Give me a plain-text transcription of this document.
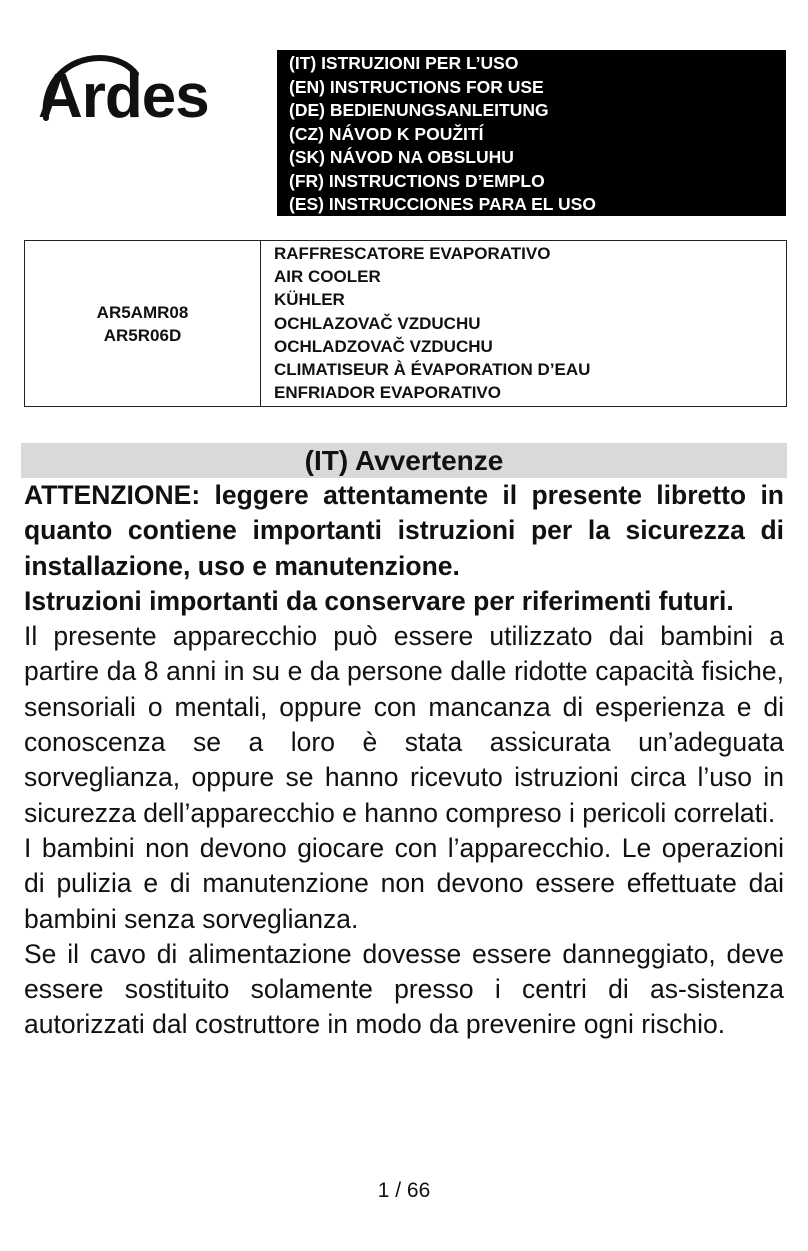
Ardes	(IT) ISTRUZIONI PER L’USO
(EN) INSTRUCTIONS FOR USE
(DE) BEDIENUNGSANLEITUNG
(CZ) NÁVOD K POUŽITÍ
(SK) NÁVOD NA OBSLUHU
(FR) INSTRUCTIONS D’EMPLO
(ES) INSTRUCCIONES PARA EL USO
AR5AMR08
AR5R06D

RAFFRESCATORE EVAPORATIVO
AIR COOLER
KÜHLER
OCHLAZOVAČ VZDUCHU
OCHLADZOVAČ VZDUCHU
CLIMATISEUR À ÉVAPORATION D’EAU
ENFRIADOR EVAPORATIVO
(IT) Avvertenze

ATTENZIONE: leggere attentamente il presente libretto in quanto contiene importanti istruzioni per la sicurezza di installazione, uso e manutenzione.

Istruzioni importanti da conservare per riferimenti futuri.

Il presente apparecchio può essere utilizzato dai bambini a partire da 8 anni in su e da persone dalle ridotte capacità fisiche, sensoriali o mentali, oppure con mancanza di esperienza e di conoscenza se a loro è stata assicurata un’adeguata sorveglianza, oppure se hanno ricevuto istruzioni circa l’uso in sicurezza dell’apparecchio e hanno compreso i pericoli correlati.

I bambini non devono giocare con l’apparecchio. Le operazioni di pulizia e di manutenzione non devono essere effettuate dai bambini senza sorveglianza.

Se il cavo di alimentazione dovesse essere danneggiato, deve essere sostituito solamente presso i centri di as-sistenza autorizzati dal costruttore in modo da prevenire ogni rischio.

1 / 66
